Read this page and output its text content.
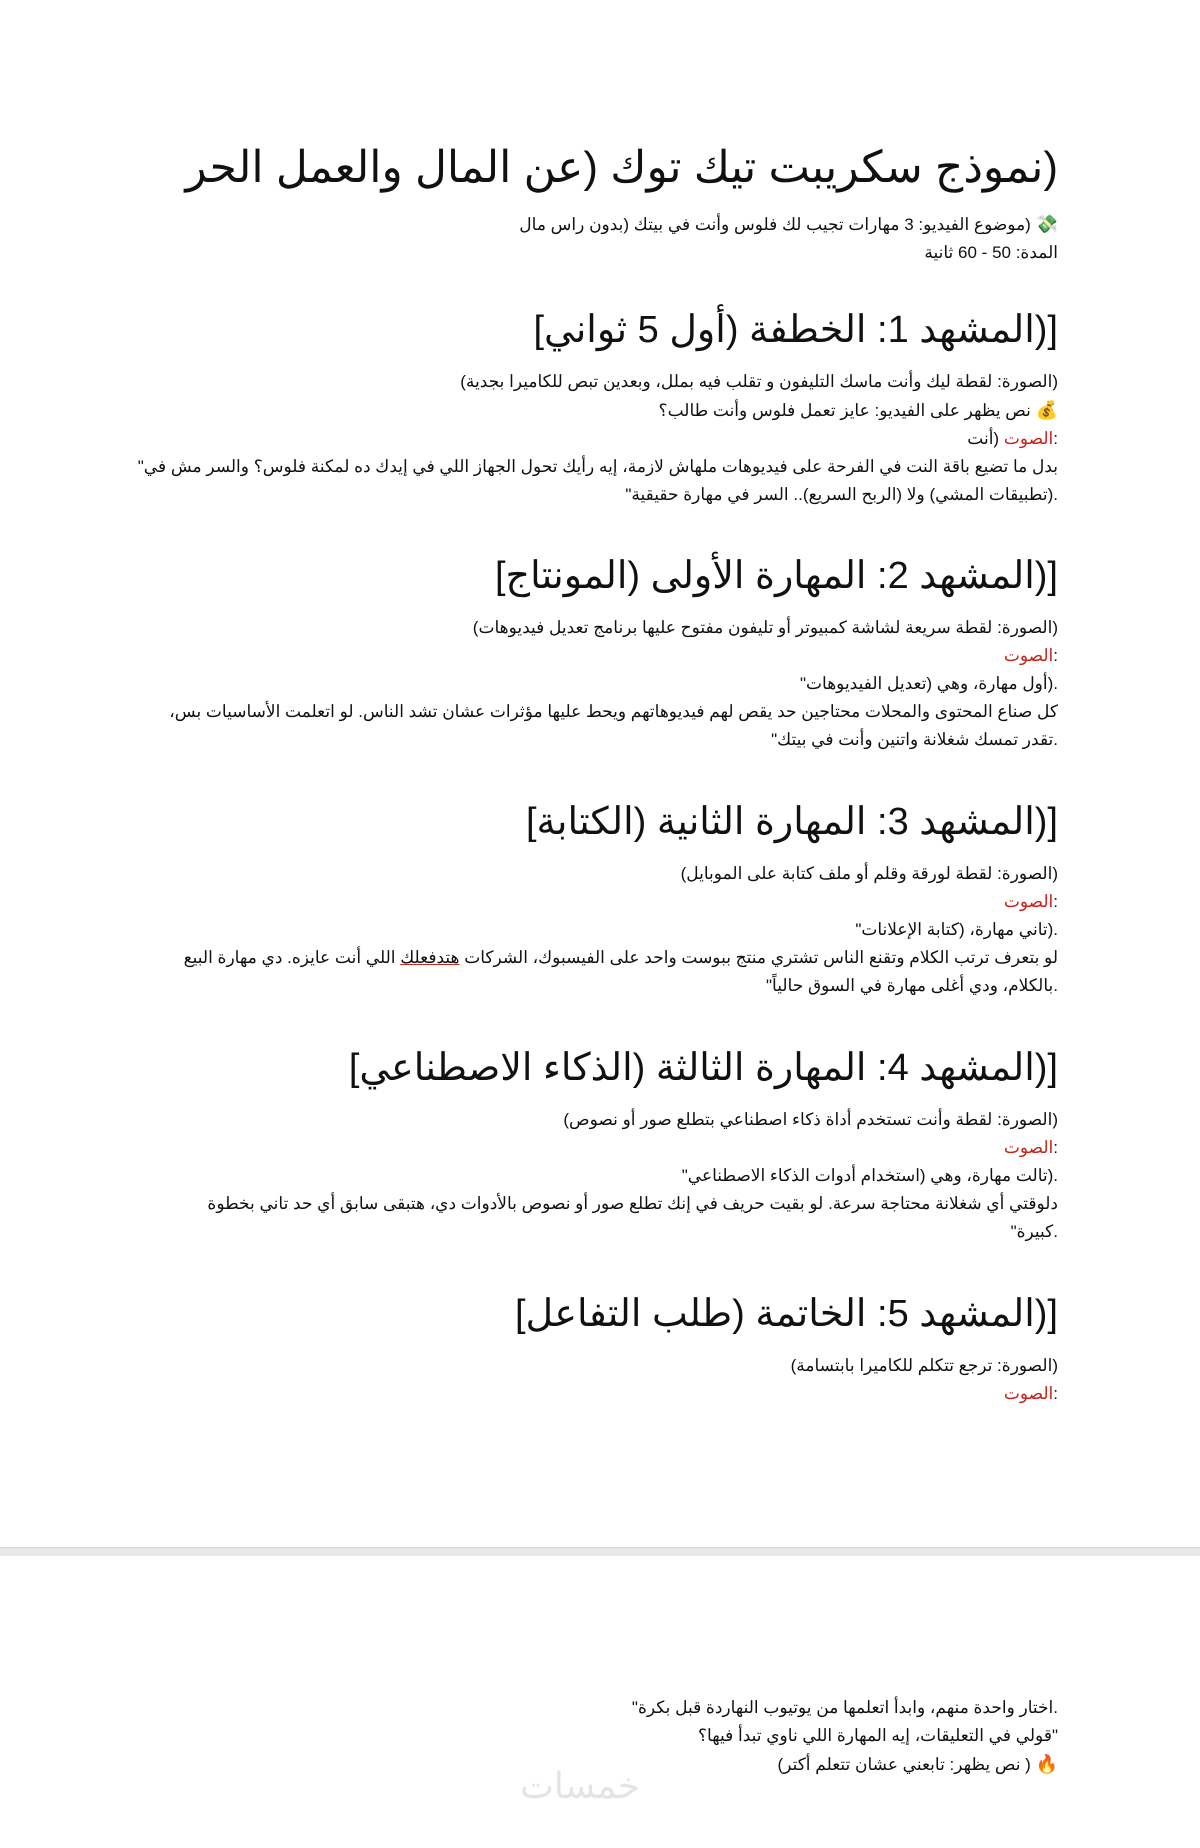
(نموذج سكريبت تيك توك (عن المال والعمل الحر

💸 (موضوع الفيديو: 3 مهارات تجيب لك فلوس وأنت في بيتك (بدون راس مال

المدة: 50 - 60 ثانية

[(المشهد 1: الخطفة (أول 5 ثواني]

(الصورة: لقطة ليك وأنت ماسك التليفون و تقلب فيه بملل، وبعدين تبص للكاميرا بجدية)

💰 نص يظهر على الفيديو: عايز تعمل فلوس وأنت طالب؟

:الصوت (أنت

بدل ما تضيع باقة النت في الفرحة على فيديوهات ملهاش لازمة، إيه رأيك تحول الجهاز اللي في إيدك ده لمكنة فلوس؟ والسر مش في"

.(تطبيقات المشي) ولا (الربح السريع).. السر في مهارة حقيقية"

[(المشهد 2: المهارة الأولى (المونتاج]

(الصورة: لقطة سريعة لشاشة كمبيوتر أو تليفون مفتوح عليها برنامج تعديل فيديوهات)

:الصوت

.(أول مهارة، وهي (تعديل الفيديوهات"

كل صناع المحتوى والمحلات محتاجين حد يقص لهم فيديوهاتهم ويحط عليها مؤثرات عشان تشد الناس. لو اتعلمت الأساسيات بس،

.تقدر تمسك شغلانة واتنين وأنت في بيتك"

[(المشهد 3: المهارة الثانية (الكتابة]

(الصورة: لقطة لورقة وقلم أو ملف كتابة على الموبايل)

:الصوت

.(تاني مهارة، (كتابة الإعلانات"

لو بتعرف ترتب الكلام وتقنع الناس تشتري منتج ببوست واحد على الفيسبوك، الشركات هتدفعلك اللي أنت عايزه. دي مهارة البيع

.بالكلام، ودي أغلى مهارة في السوق حالياً"

[(المشهد 4: المهارة الثالثة (الذكاء الاصطناعي]

(الصورة: لقطة وأنت تستخدم أداة ذكاء اصطناعي بتطلع صور أو نصوص)

:الصوت

.(تالت مهارة، وهي (استخدام أدوات الذكاء الاصطناعي"

دلوقتي أي شغلانة محتاجة سرعة. لو بقيت حريف في إنك تطلع صور أو نصوص بالأدوات دي، هتبقى سابق أي حد تاني بخطوة

.كبيرة"

[(المشهد 5: الخاتمة (طلب التفاعل]

(الصورة: ترجع تتكلم للكاميرا بابتسامة)

:الصوت

.اختار واحدة منهم، وابدأ اتعلمها من يوتيوب النهاردة قبل بكرة"

"قولي في التعليقات، إيه المهارة اللي ناوي تبدأ فيها؟

🔥 ( نص يظهر: تابعني عشان تتعلم أكتر)

خمسات
